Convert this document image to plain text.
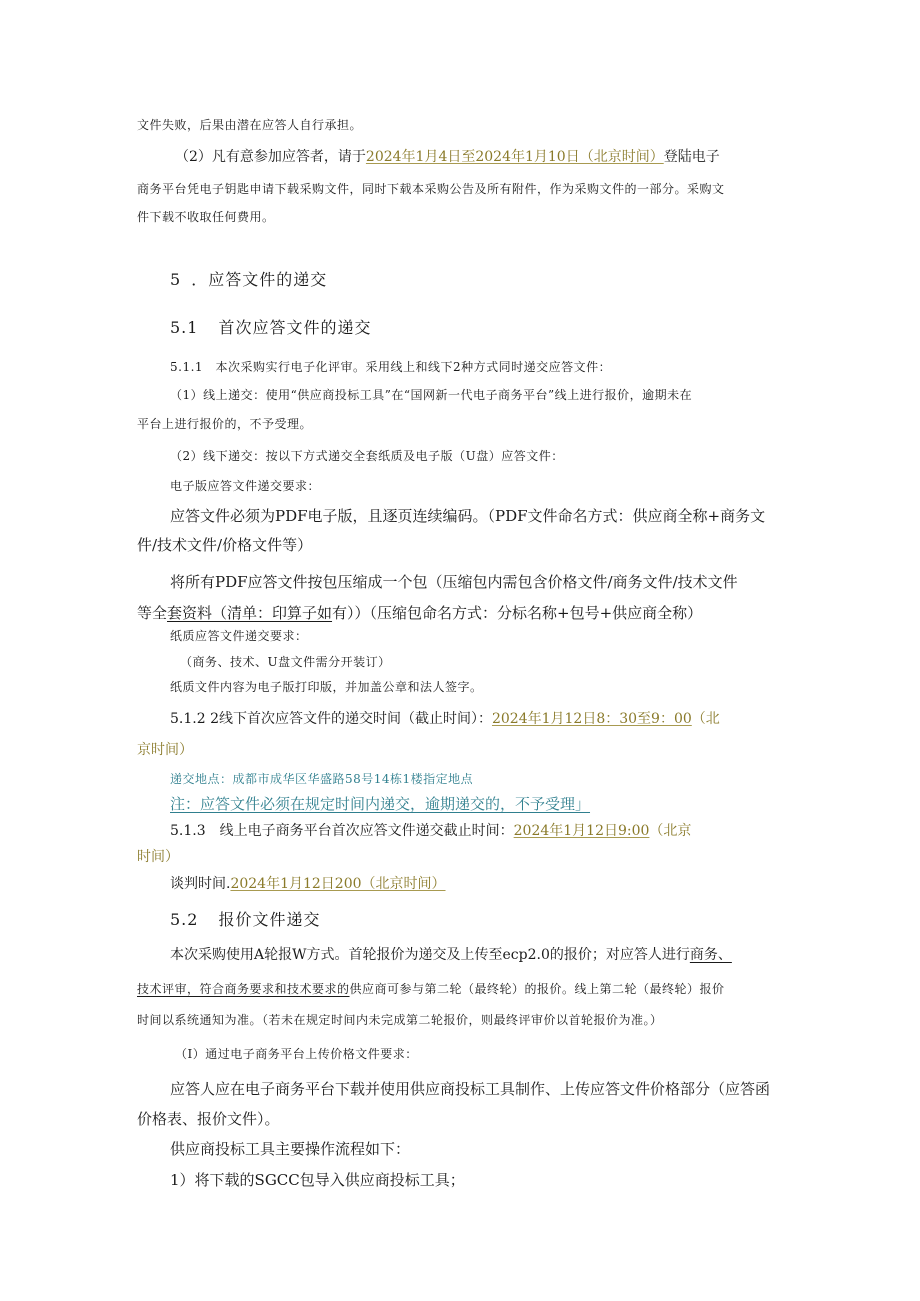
文件失败，后果由潜在应答人自行承担。
（2）凡有意参加应答者，请于2024年1月4日至2024年1月10日（北京时间）登陆电子
商务平台凭电子钥匙申请下载采购文件，同时下载本采购公告及所有附件，作为采购文件的一部分。采购文
件下载不收取任何费用。
5 ．应答文件的递交
5.1 首次应答文件的递交
5.1.1　本次采购实行电子化评审。采用线上和线下2种方式同时递交应答文件：
（1）线上递交：使用“供应商投标工具”在“国网新一代电子商务平台”线上进行报价，逾期未在
平台上进行报价的，不予受理。
（2）线下递交：按以下方式递交全套纸质及电子版（U盘）应答文件：
电子版应答文件递交要求：
应答文件必须为PDF电子版，且逐页连续编码。（PDF文件命名方式：供应商全称+商务文
件/技术文件/价格文件等）
将所有PDF应答文件按包压缩成一个包（压缩包内需包含价格文件/商务文件/技术文件
等全套资料（清单：印算子如有））（压缩包命名方式：分标名称+包号+供应商全称）
纸质应答文件递交要求：
（商务、技术、U盘文件需分开装订）
纸质文件内容为电子版打印版，并加盖公章和法人签字。
5.1.2 2线下首次应答文件的递交时间（截止时间）：2024年1月12日8：30至9：00（北
京时间）
递交地点：成都市成华区华盛路58号14栋1楼指定地点
注：应答文件必须在规定时间内递交，逾期递交的，不予受理」
5.1.3　线上电子商务平台首次应答文件递交截止时间：2024年1月12日9:00（北京
时间）
谈判时间.2024年1月12日200（北京时间）
5.2 报价文件递交
本次采购使用A轮报W方式。首轮报价为递交及上传至ecp2.0的报价；对应答人进行商务、
技术评审，符合商务要求和技术要求的供应商可参与第二轮（最终轮）的报价。线上第二轮（最终轮）报价
时间以系统通知为准。（若未在规定时间内未完成第二轮报价，则最终评审价以首轮报价为准。）
（I）通过电子商务平台上传价格文件要求：
应答人应在电子商务平台下载并使用供应商投标工具制作、上传应答文件价格部分（应答函
价格表、报价文件）。
供应商投标工具主要操作流程如下：
1）将下载的SGCC包导入供应商投标工具；
